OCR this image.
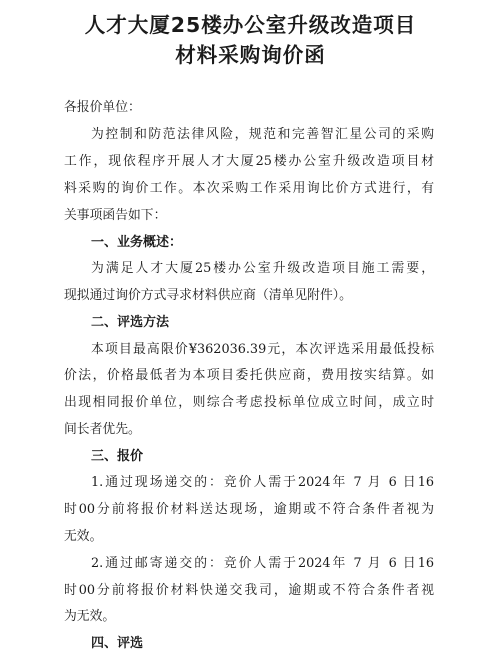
人才大厦25楼办公室升级改造项目
材料采购询价函
各报价单位：
为控制和防范法律风险，规范和完善智汇星公司的采购
工作，现依程序开展人才大厦25楼办公室升级改造项目材
料采购的询价工作。本次采购工作采用询比价方式进行，有
关事项函告如下：
一、业务概述：
为满足人才大厦25楼办公室升级改造项目施工需要，
现拟通过询价方式寻求材料供应商（清单见附件）。
二、评选方法
本项目最高限价¥362036.39元，本次评选采用最低投标
价法，价格最低者为本项目委托供应商，费用按实结算。如
出现相同报价单位，则综合考虑投标单位成立时间，成立时
间长者优先。
三、报价
1.通过现场递交的：竞价人需于2024年 7 月 6 日16
时00分前将报价材料送达现场，逾期或不符合条件者视为
无效。
2.通过邮寄递交的：竞价人需于2024年 7 月 6 日16
时00分前将报价材料快递交我司，逾期或不符合条件者视
为无效。
四、评选
